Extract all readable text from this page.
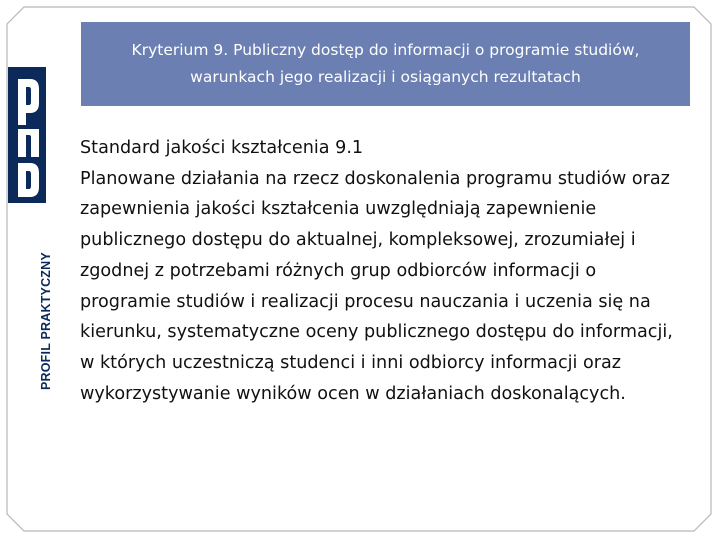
PROFIL PRAKTYCZNY
Kryterium 9. Publiczny dostęp do informacji o programie studiów, warunkach jego realizacji i osiąganych rezultatach

Standard jakości kształcenia 9.1

Planowane działania na rzecz doskonalenia programu studiów oraz zapewnienia jakości kształcenia uwzględniają zapewnienie publicznego dostępu do aktualnej, kompleksowej, zrozumiałej i zgodnej z potrzebami różnych grup odbiorców informacji o programie studiów i realizacji procesu nauczania i uczenia się na kierunku, systematyczne oceny publicznego dostępu do informacji, w których uczestniczą studenci i inni odbiorcy informacji oraz wykorzystywanie wyników ocen w działaniach doskonalących.
